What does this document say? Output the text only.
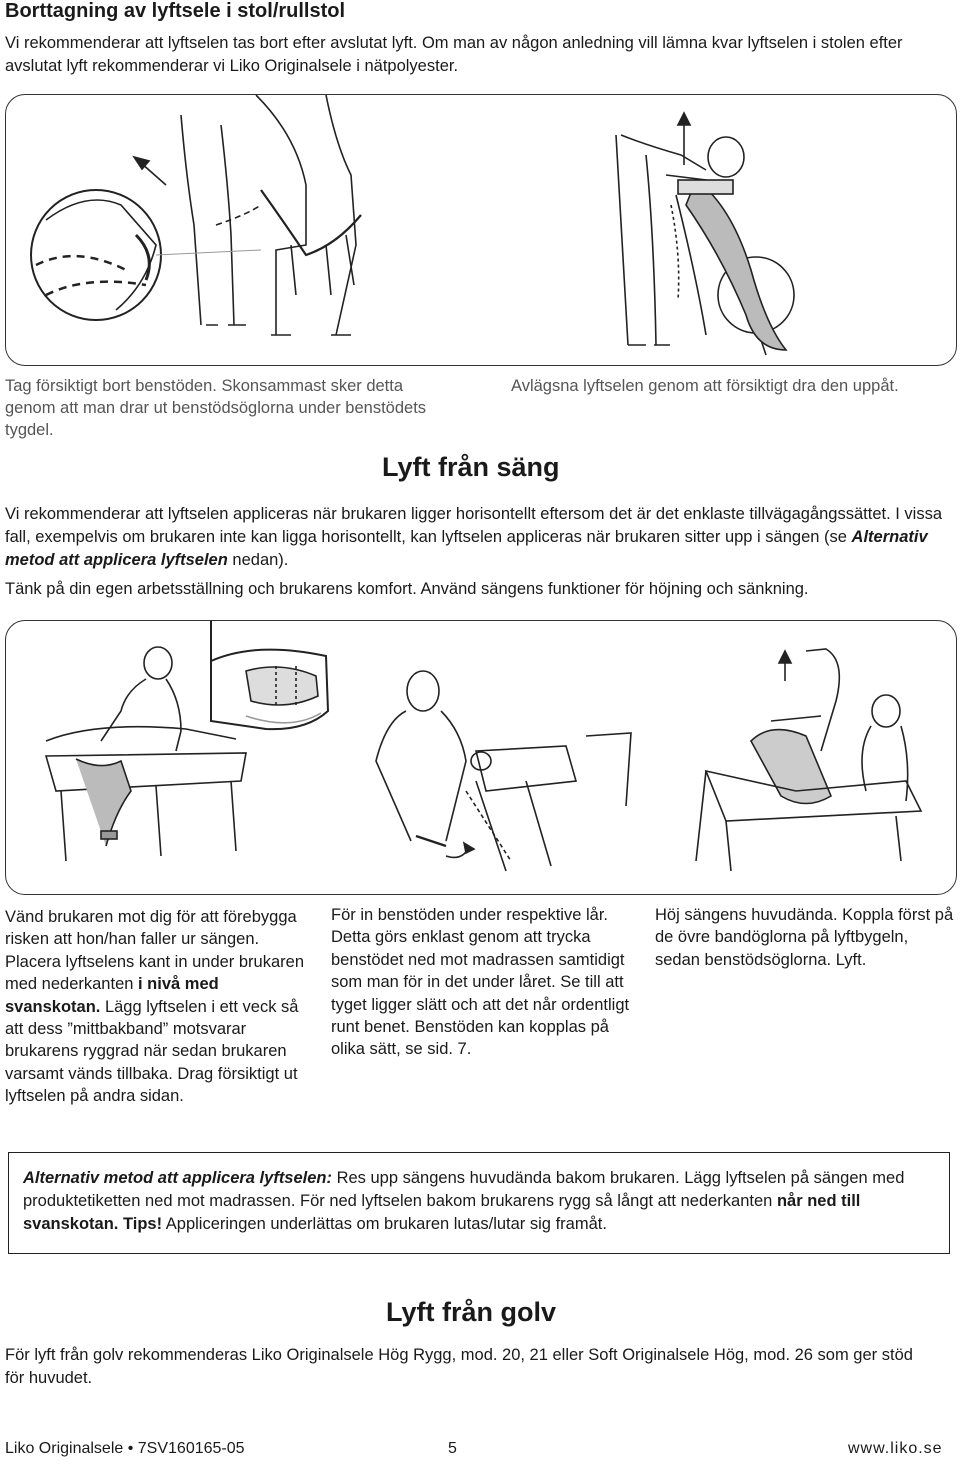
Borttagning av lyftsele i stol/rullstol

Vi rekommenderar att lyftselen tas bort efter avslutat lyft. Om man av någon anledning vill lämna kvar lyftselen i stolen efter avslutat lyft rekommenderar vi Liko Originalsele i nätpolyester.

Tag försiktigt bort benstöden. Skonsammast sker detta genom att man drar ut benstödsöglorna under benstödets tygdel.

Avlägsna lyftselen genom att försiktigt dra den uppåt.

Lyft från säng

Vi rekommenderar att lyftselen appliceras när brukaren ligger horisontellt eftersom det är det enklaste tillvägagångssättet. I vissa fall, exempelvis om brukaren inte kan ligga horisontellt, kan lyftselen appliceras när brukaren sitter upp i sängen (se Alternativ metod att applicera lyftselen nedan).

Tänk på din egen arbetsställning och brukarens komfort. Använd sängens funktioner för höjning och sänkning.

Vänd brukaren mot dig för att förebygga risken att hon/han faller ur sängen. Placera lyftselens kant in under brukaren med nederkanten i nivå med svanskotan. Lägg lyftselen i ett veck så att dess ”mittbakband” motsvarar brukarens ryggrad när sedan brukaren varsamt vänds tillbaka. Drag försiktigt ut lyftselen på andra sidan.

För in benstöden under respektive lår. Detta görs enklast genom att trycka benstödet ned mot madrassen samtidigt som man för in det under låret. Se till att tyget ligger slätt och att det når ordentligt runt benet. Benstöden kan kopplas på olika sätt, se sid. 7.

Höj sängens huvudända. Koppla först på de övre bandöglorna på lyftbygeln, sedan benstödsöglorna. Lyft.

Alternativ metod att applicera lyftselen: Res upp sängens huvudända bakom brukaren. Lägg lyftselen på sängen med produktetiketten ned mot madrassen. För ned lyftselen bakom brukarens rygg så långt att nederkanten når ned till svanskotan. Tips! Appliceringen underlättas om brukaren lutas/lutar sig framåt.
Lyft från golv

För lyft från golv rekommenderas Liko Originalsele Hög Rygg, mod. 20, 21 eller Soft Originalsele Hög, mod. 26 som ger stöd för huvudet.

Liko Originalsele • 7SV160165-05	5	www.liko.se
